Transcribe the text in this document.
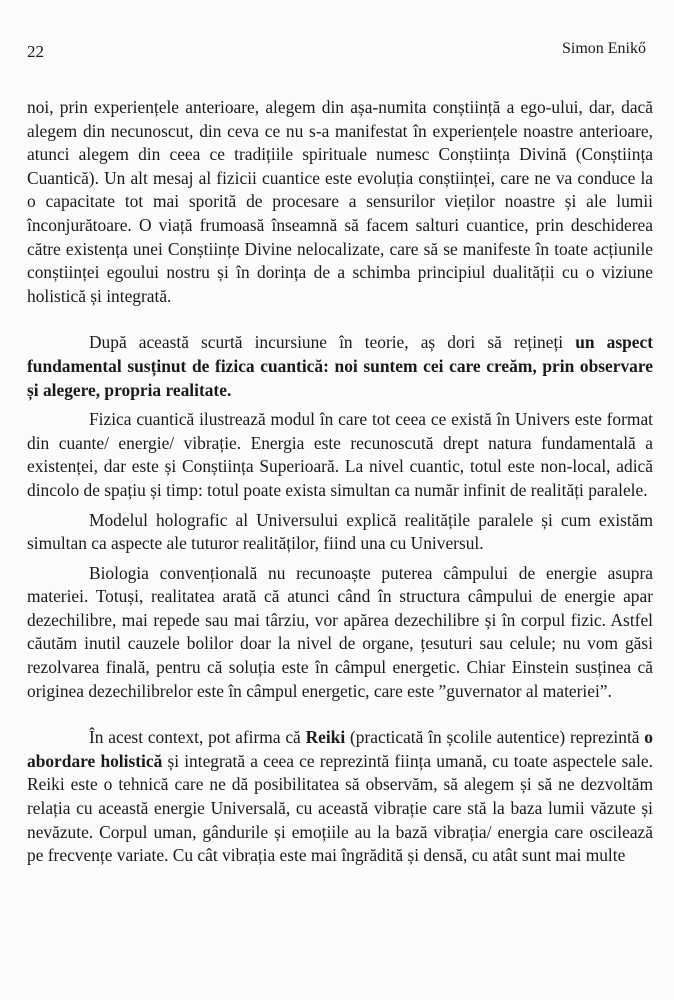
22	Simon Enikő

noi, prin experiențele anterioare, alegem din așa-numita conștiință a ego-ului, dar, dacă alegem din necunoscut, din ceva ce nu s-a manifestat în experiențele noastre anterioare, atunci alegem din ceea ce tradițiile spirituale numesc Conștiința Divină (Conștiința Cuantică). Un alt mesaj al fizicii cuantice este evoluția conștiinței, care ne va conduce la o capacitate tot mai sporită de procesare a sensurilor vieților noastre și ale lumii înconjurătoare. O viață frumoasă înseamnă să facem salturi cuantice, prin deschiderea către existența unei Conștiințe Divine nelocalizate, care să se manifeste în toate acțiunile conștiinței egoului nostru și în dorința de a schimba principiul dualității cu o viziune holistică și integrată.

După această scurtă incursiune în teorie, aș dori să rețineți un aspect fundamental susținut de fizica cuantică: noi suntem cei care creăm, prin observare și alegere, propria realitate.

Fizica cuantică ilustrează modul în care tot ceea ce există în Univers este format din cuante/ energie/ vibrație. Energia este recunoscută drept natura fundamentală a existenței, dar este și Conștiința Superioară. La nivel cuantic, totul este non-local, adică dincolo de spațiu și timp: totul poate exista simultan ca număr infinit de realități paralele.

Modelul holografic al Universului explică realitățile paralele și cum existăm simultan ca aspecte ale tuturor realităților, fiind una cu Universul.

Biologia convențională nu recunoaște puterea câmpului de energie asupra materiei. Totuși, realitatea arată că atunci când în structura câmpului de energie apar dezechilibre, mai repede sau mai târziu, vor apărea dezechilibre și în corpul fizic. Astfel căutăm inutil cauzele bolilor doar la nivel de organe, țesuturi sau celule; nu vom găsi rezolvarea finală, pentru că soluția este în câmpul energetic. Chiar Einstein susținea că originea dezechilibrelor este în câmpul energetic, care este ”guvernator al materiei”.

În acest context, pot afirma că Reiki (practicată în școlile autentice) reprezintă o abordare holistică și integrată a ceea ce reprezintă ființa umană, cu toate aspectele sale. Reiki este o tehnică care ne dă posibilitatea să observăm, să alegem și să ne dezvoltăm relația cu această energie Universală, cu această vibrație care stă la baza lumii văzute și nevăzute. Corpul uman, gândurile și emoțiile au la bază vibrația/ energia care oscilează pe frecvențe variate. Cu cât vibrația este mai îngrădită și densă, cu atât sunt mai multe
